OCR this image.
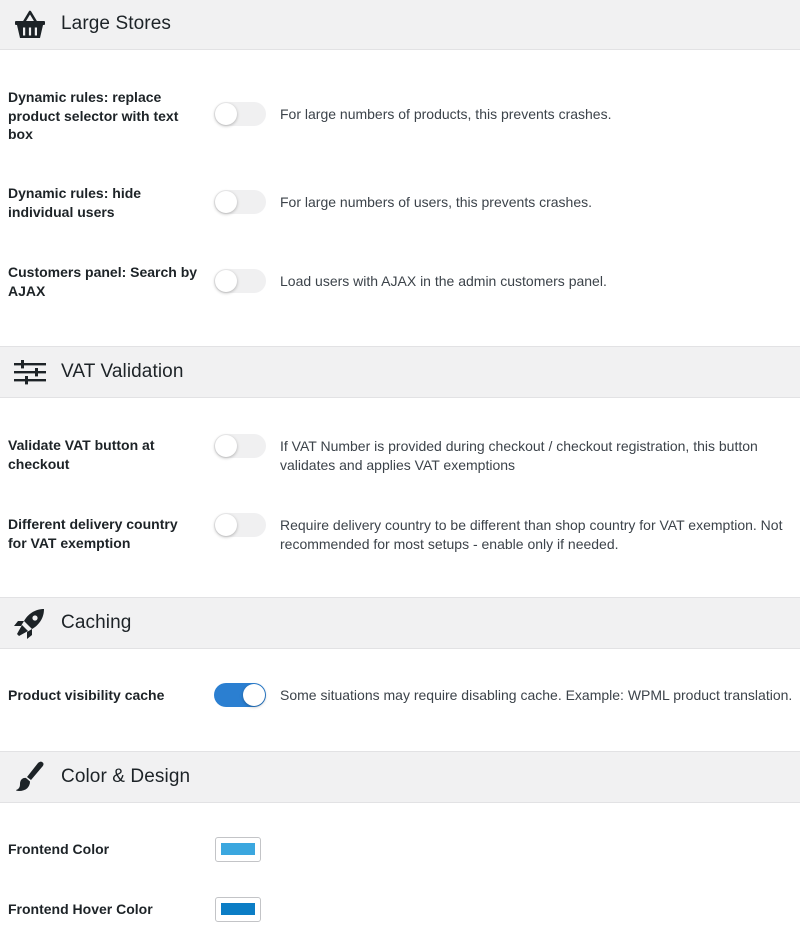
Large Stores
Dynamic rules: replace product selector with text box
For large numbers of products, this prevents crashes.
Dynamic rules: hide individual users
For large numbers of users, this prevents crashes.
Customers panel: Search by AJAX
Load users with AJAX in the admin customers panel.
VAT Validation
Validate VAT button at checkout
If VAT Number is provided during checkout / checkout registration, this button validates and applies VAT exemptions
Different delivery country for VAT exemption
Require delivery country to be different than shop country for VAT exemption. Not recommended for most setups - enable only if needed.
Caching
Product visibility cache	Some situations may require disabling cache. Example: WPML product translation.
Color & Design
Frontend Color
Frontend Hover Color
